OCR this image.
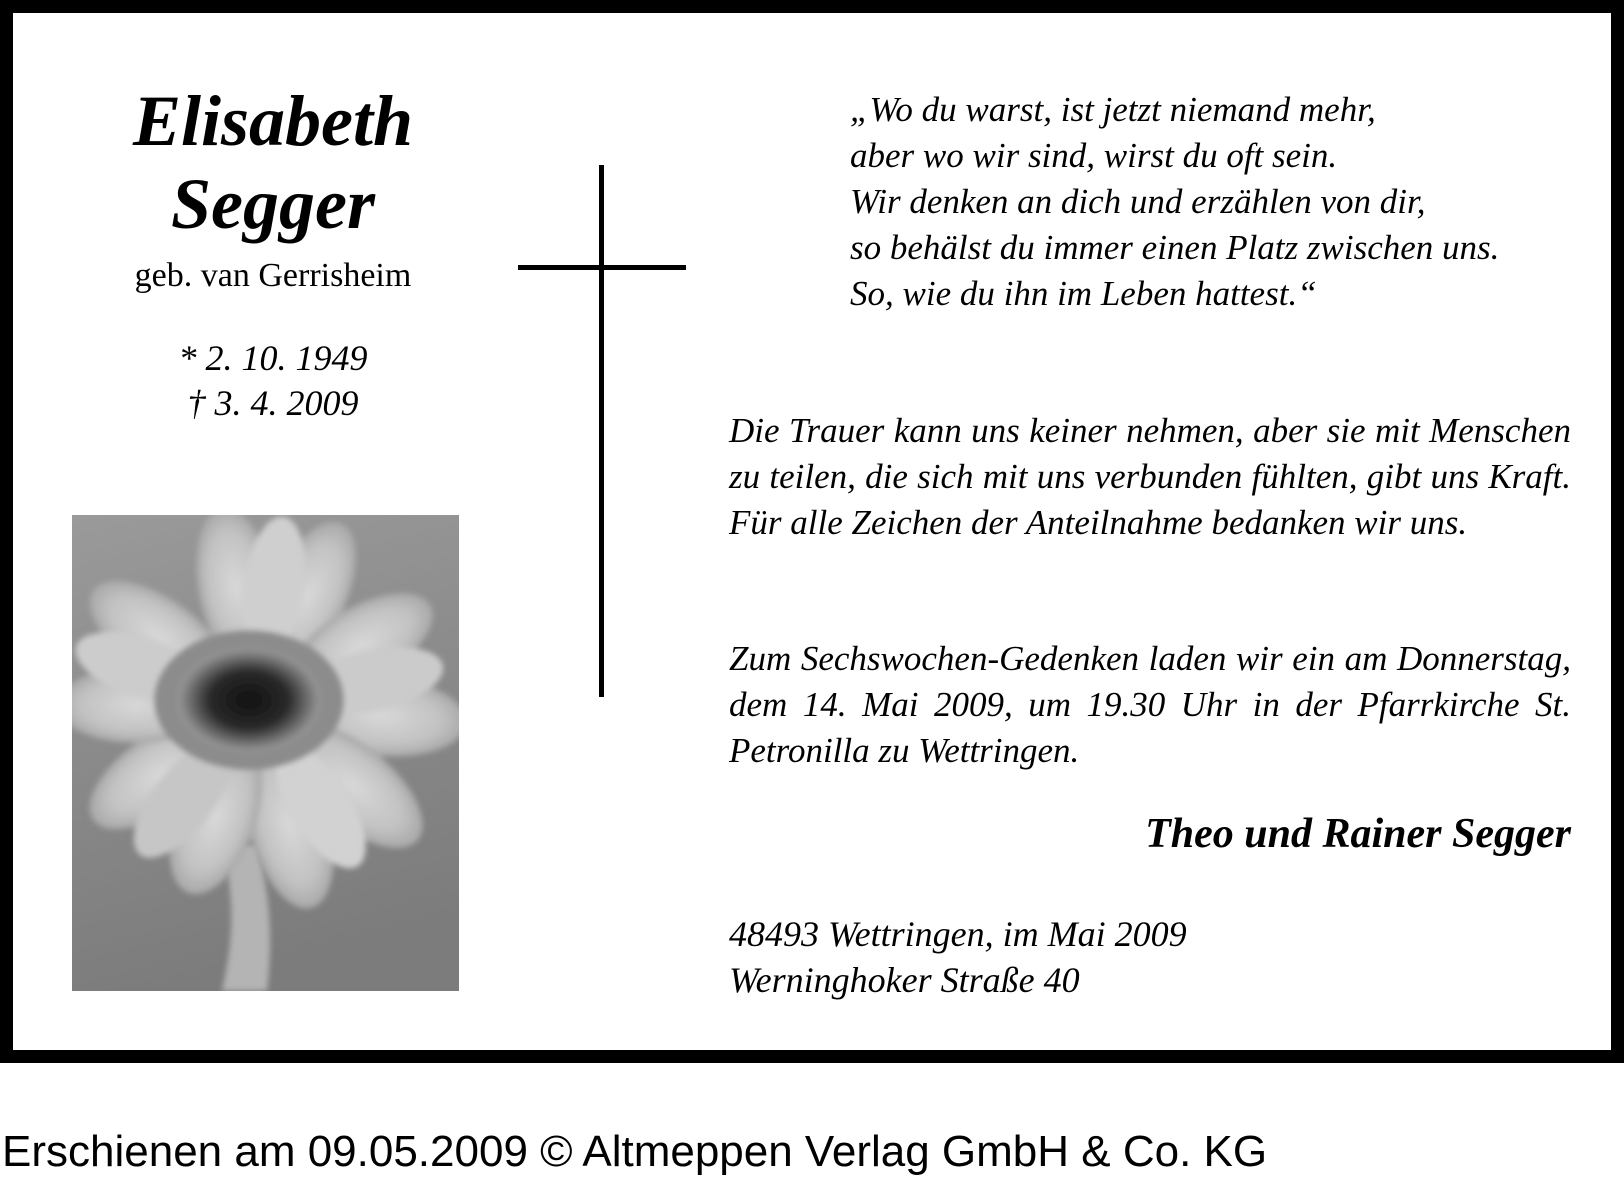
Elisabeth
Segger
geb. van Gerrisheim
* 2. 10. 1949
† 3. 4. 2009
„Wo du warst, ist jetzt niemand mehr,
aber wo wir sind, wirst du oft sein.
Wir denken an dich und erzählen von dir,
so behälst du immer einen Platz zwischen uns.
So, wie du ihn im Leben hattest.“
Die Trauer kann uns keiner nehmen, aber sie mit Menschen zu teilen, die sich mit uns verbunden fühlten, gibt uns Kraft. Für alle Zeichen der Anteilnahme bedanken wir uns.
Zum Sechswochen-Gedenken laden wir ein am Donnerstag, dem 14. Mai 2009, um 19.30 Uhr in der Pfarrkirche St. Petronilla zu Wettringen.
Theo und Rainer Segger
48493 Wettringen, im Mai 2009
Werninghoker Straße 40
Erschienen am 09.05.2009 © Altmeppen Verlag GmbH & Co. KG
